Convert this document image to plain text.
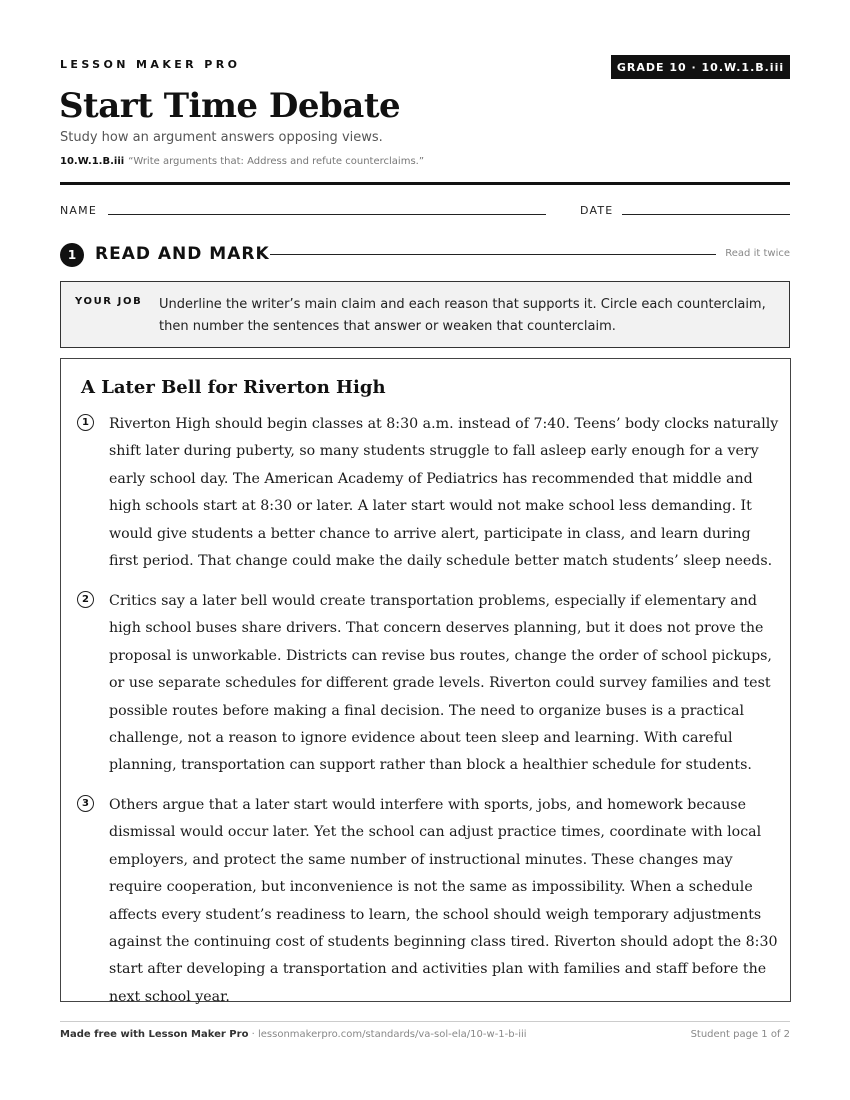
LESSON MAKER PRO	GRADE 10 · 10.W.1.B.iii
Start Time Debate
Study how an argument answers opposing views.
10.W.1.B.iii “Write arguments that: Address and refute counterclaims.”
NAME	DATE
1	READ AND MARK	Read it twice
YOUR JOB Underline the writer’s main claim and each reason that supports it. Circle each counterclaim, then number the sentences that answer or weaken that counterclaim.
A Later Bell for Riverton High
1	Riverton High should begin classes at 8:30 a.m. instead of 7:40. Teens’ body clocks naturally shift later during puberty, so many students struggle to fall asleep early enough for a very early school day. The American Academy of Pediatrics has recommended that middle and high schools start at 8:30 or later. A later start would not make school less demanding. It would give students a better chance to arrive alert, participate in class, and learn during first period. That change could make the daily schedule better match students’ sleep needs.
2	Critics say a later bell would create transportation problems, especially if elementary and high school buses share drivers. That concern deserves planning, but it does not prove the proposal is unworkable. Districts can revise bus routes, change the order of school pickups, or use separate schedules for different grade levels. Riverton could survey families and test possible routes before making a final decision. The need to organize buses is a practical challenge, not a reason to ignore evidence about teen sleep and learning. With careful planning, transportation can support rather than block a healthier schedule for students.
3	Others argue that a later start would interfere with sports, jobs, and homework because dismissal would occur later. Yet the school can adjust practice times, coordinate with local employers, and protect the same number of instructional minutes. These changes may require cooperation, but inconvenience is not the same as impossibility. When a schedule affects every student’s readiness to learn, the school should weigh temporary adjustments against the continuing cost of students beginning class tired. Riverton should adopt the 8:30 start after developing a transportation and activities plan with families and staff before the next school year.
Made free with Lesson Maker Pro · lessonmakerpro.com/standards/va-sol-ela/10-w-1-b-iii	Student page 1 of 2
